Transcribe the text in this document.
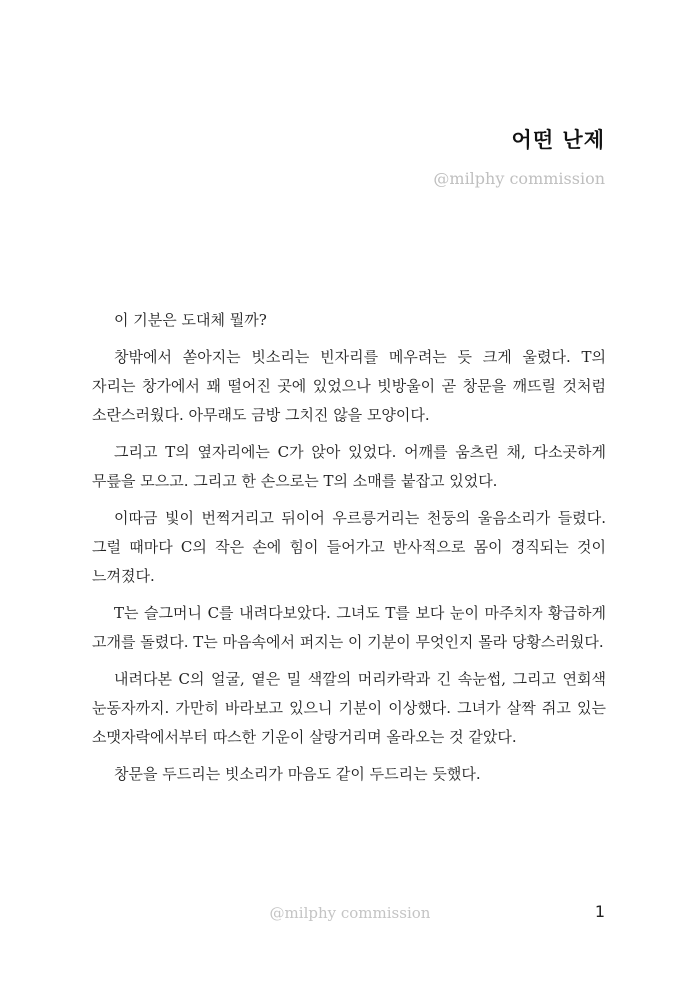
어떤 난제
@milphy commission

이 기분은 도대체 뭘까?

창밖에서 쏟아지는 빗소리는 빈자리를 메우려는 듯 크게 울렸다. T의 자리는 창가에서 꽤 떨어진 곳에 있었으나 빗방울이 곧 창문을 깨뜨릴 것처럼 소란스러웠다. 아무래도 금방 그치진 않을 모양이다.

그리고 T의 옆자리에는 C가 앉아 있었다. 어깨를 움츠린 채, 다소곳하게 무릎을 모으고. 그리고 한 손으로는 T의 소매를 붙잡고 있었다.

이따금 빛이 번쩍거리고 뒤이어 우르릉거리는 천둥의 울음소리가 들렸다. 그럴 때마다 C의 작은 손에 힘이 들어가고 반사적으로 몸이 경직되는 것이 느껴졌다.

T는 슬그머니 C를 내려다보았다. 그녀도 T를 보다 눈이 마주치자 황급하게 고개를 돌렸다. T는 마음속에서 퍼지는 이 기분이 무엇인지 몰라 당황스러웠다.

내려다본 C의 얼굴, 옅은 밀 색깔의 머리카락과 긴 속눈썹, 그리고 연회색 눈동자까지. 가만히 바라보고 있으니 기분이 이상했다. 그녀가 살짝 쥐고 있는 소맷자락에서부터 따스한 기운이 살랑거리며 올라오는 것 같았다.

창문을 두드리는 빗소리가 마음도 같이 두드리는 듯했다.

@milphy commission	1
